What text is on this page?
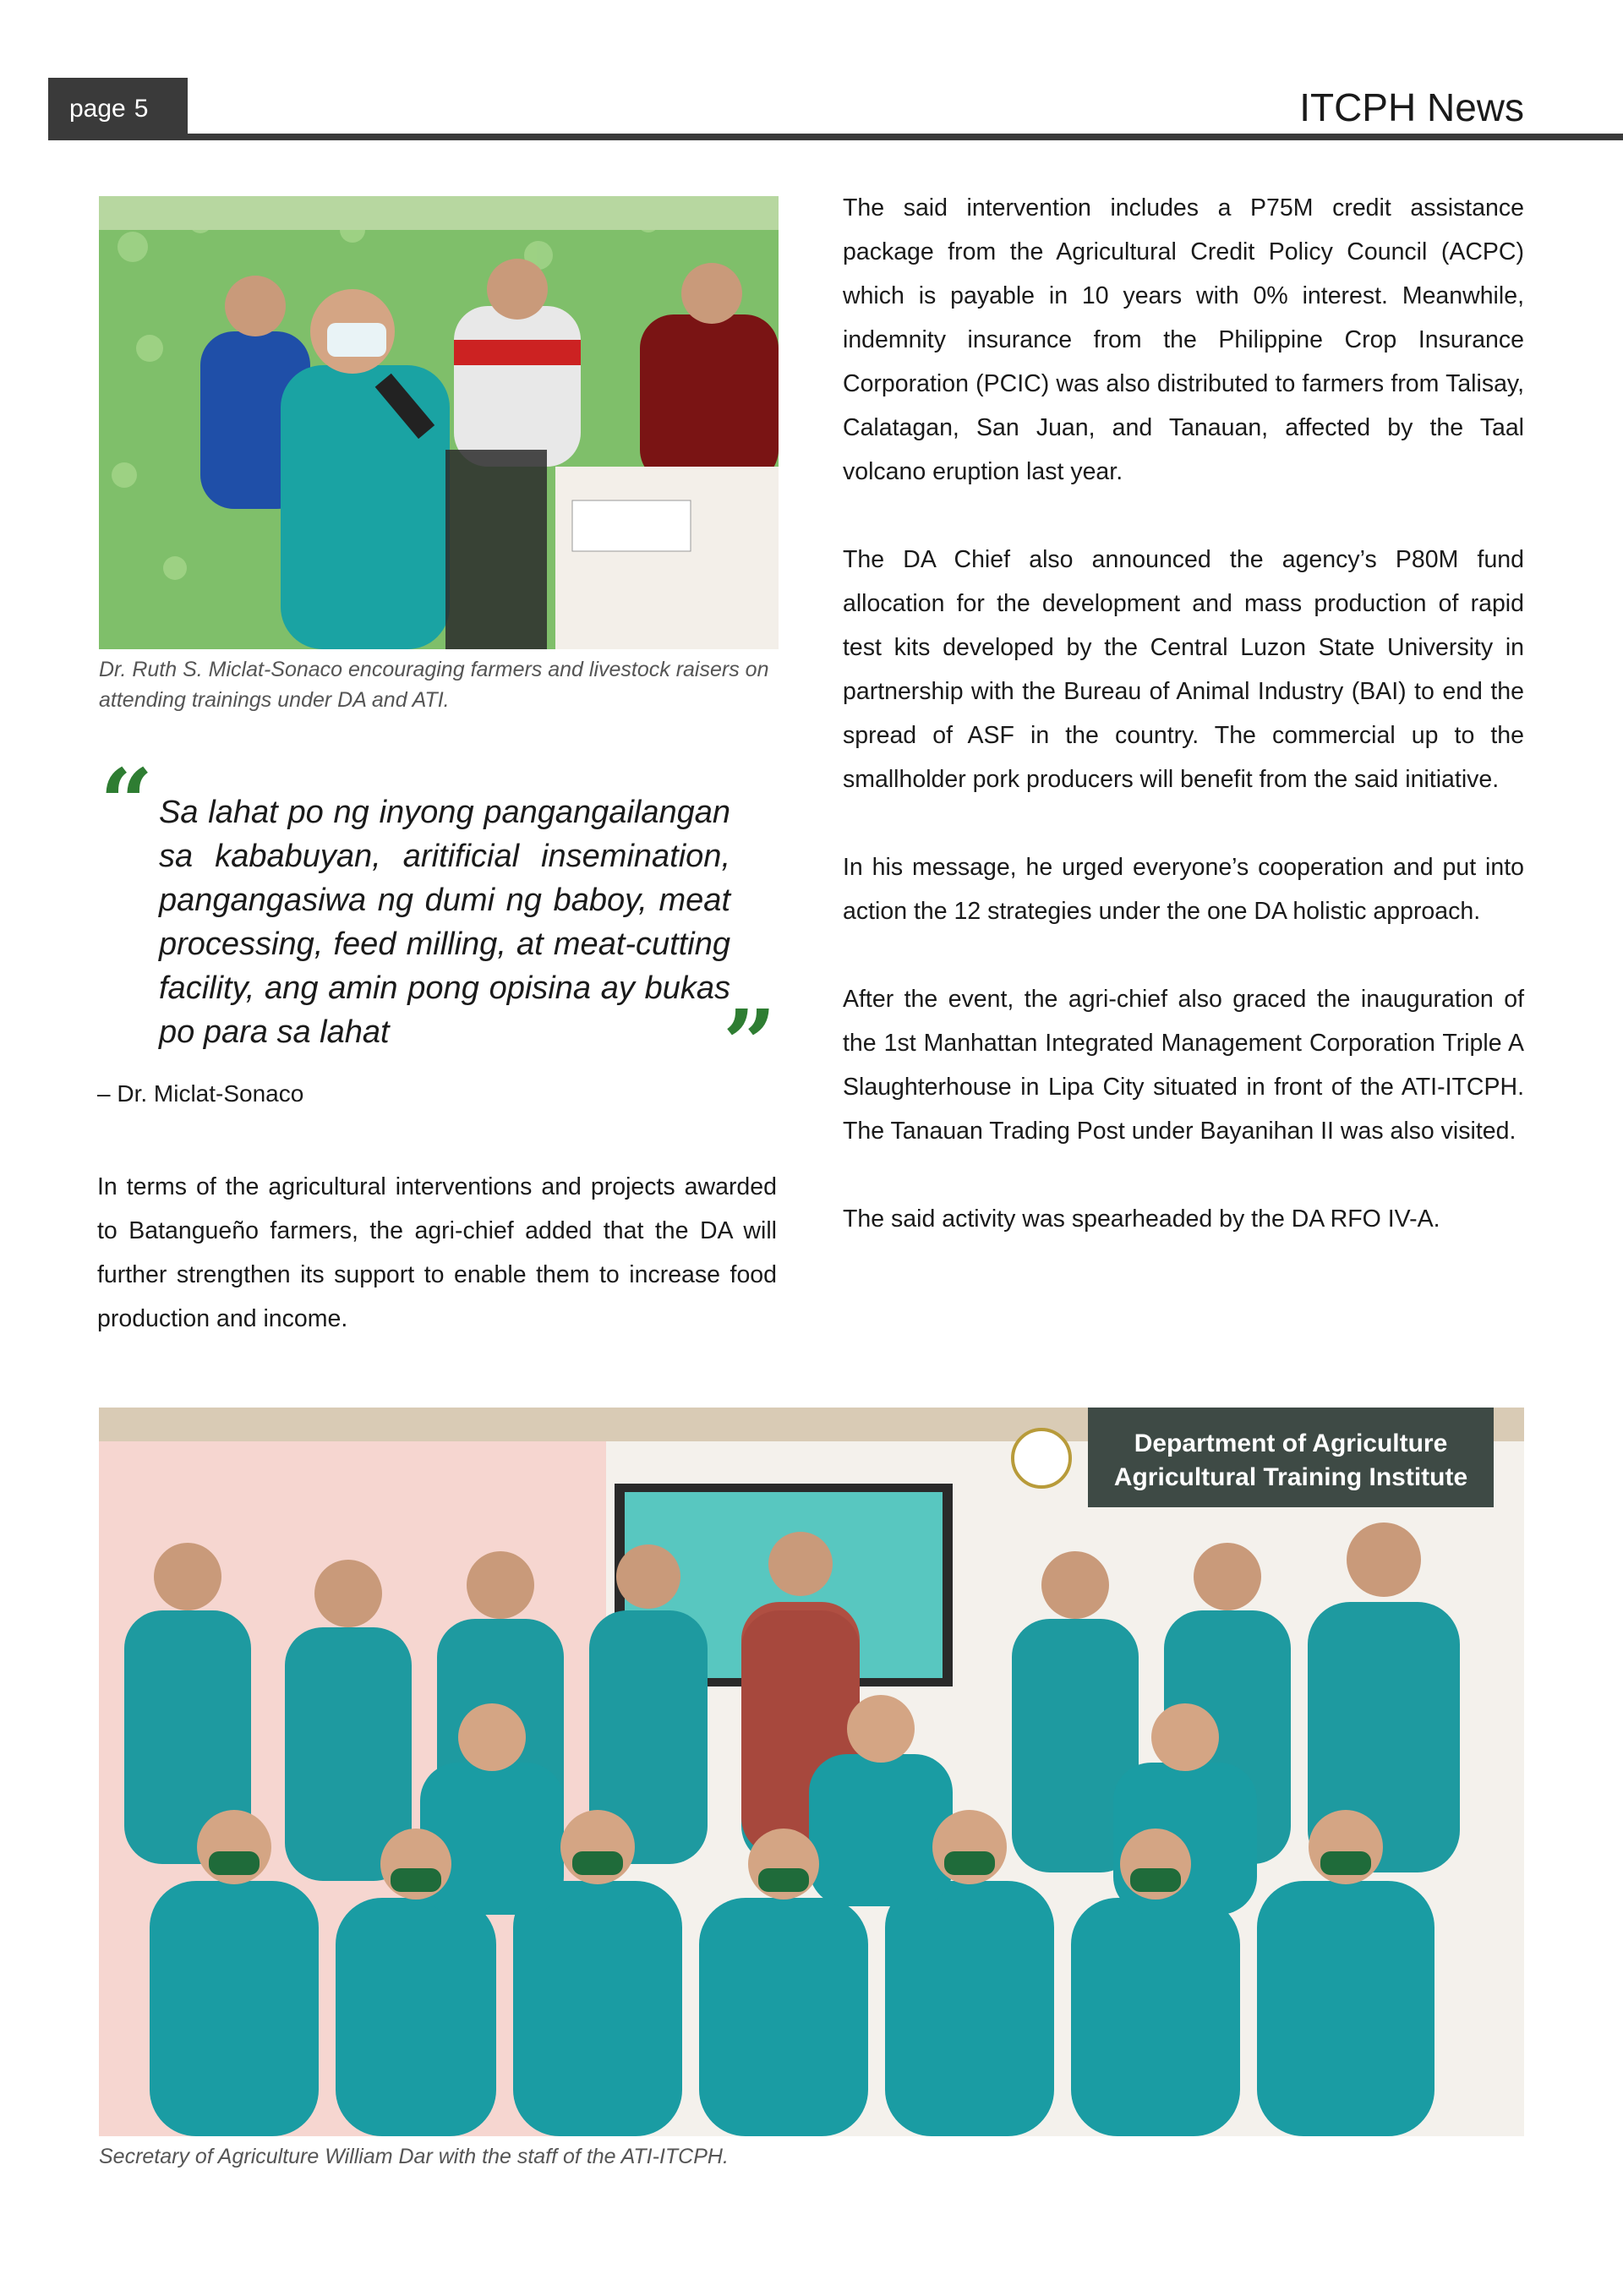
page 5	ITCPH News
Dr. Ruth S. Miclat-Sonaco encouraging farmers and livestock raisers on attending trainings under DA and ATI.
“ Sa lahat po ng inyong pangangailangan sa kababuyan, aritificial insemination, pangangasiwa ng dumi ng baboy, meat processing, feed milling, at meat-cutting facility, ang amin pong opisina ay bukas po para sa lahat	”
– Dr. Miclat-Sonaco

In terms of the agricultural interventions and projects awarded to Batangueño farmers, the agri-chief added that the DA will further strengthen its support to enable them to increase food production and income.

The said intervention includes a P75M credit assistance package from the Agricultural Credit Policy Council (ACPC) which is payable in 10 years with 0% interest. Meanwhile, indemnity insurance from the Philippine Crop Insurance Corporation (PCIC) was also distributed to farmers from Talisay, Calatagan, San Juan, and Tanauan, affected by the Taal volcano eruption last year.

The DA Chief also announced the agency’s P80M fund allocation for the development and mass production of rapid test kits developed by the Central Luzon State University in partnership with the Bureau of Animal Industry (BAI) to end the spread of ASF in the country. The commercial up to the smallholder pork producers will benefit from the said initiative.

In his message, he urged everyone’s cooperation and put into action the 12 strategies under the one DA holistic approach.

After the event, the agri-chief also graced the inauguration of the 1st Manhattan Integrated Management Corporation Triple A Slaughterhouse in Lipa City situated in front of the ATI-ITCPH. The Tanauan Trading Post under Bayanihan II was also visited.

The said activity was spearheaded by the DA RFO IV-A.

Department of Agriculture
Agricultural Training Institute
Secretary of Agriculture William Dar with the staff of the ATI-ITCPH.
